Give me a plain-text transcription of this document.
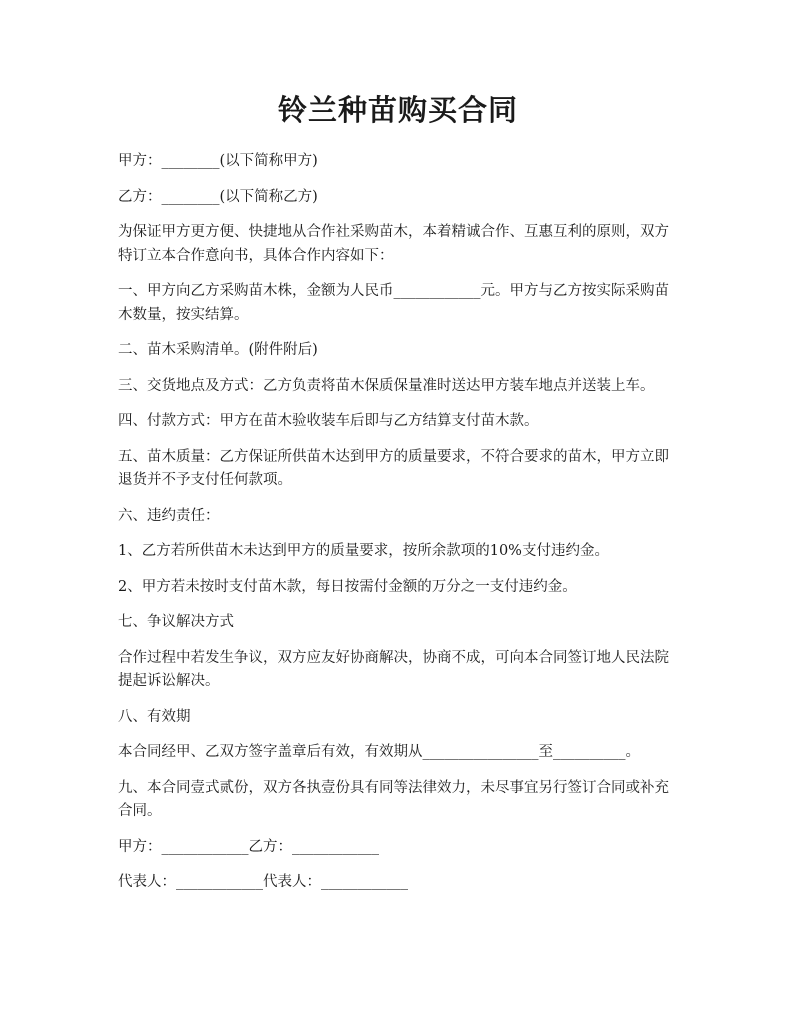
铃兰种苗购买合同

甲方：________(以下简称甲方)

乙方：________(以下简称乙方)

为保证甲方更方便、快捷地从合作社采购苗木，本着精诚合作、互惠互利的原则，双方特订立本合作意向书，具体合作内容如下：

一、甲方向乙方采购苗木株，金额为人民币____________元。甲方与乙方按实际采购苗木数量，按实结算。

二、苗木采购清单。(附件附后)

三、交货地点及方式：乙方负责将苗木保质保量准时送达甲方装车地点并送装上车。

四、付款方式：甲方在苗木验收装车后即与乙方结算支付苗木款。

五、苗木质量：乙方保证所供苗木达到甲方的质量要求，不符合要求的苗木，甲方立即退货并不予支付任何款项。

六、违约责任：

1、乙方若所供苗木未达到甲方的质量要求，按所余款项的10%支付违约金。

2、甲方若未按时支付苗木款，每日按需付金额的万分之一支付违约金。

七、争议解决方式

合作过程中若发生争议，双方应友好协商解决，协商不成，可向本合同签订地人民法院提起诉讼解决。

八、有效期

本合同经甲、乙双方签字盖章后有效，有效期从________________至__________。

九、本合同壹式贰份，双方各执壹份具有同等法律效力，未尽事宜另行签订合同或补充合同。

甲方：____________乙方：____________

代表人：____________代表人：____________
